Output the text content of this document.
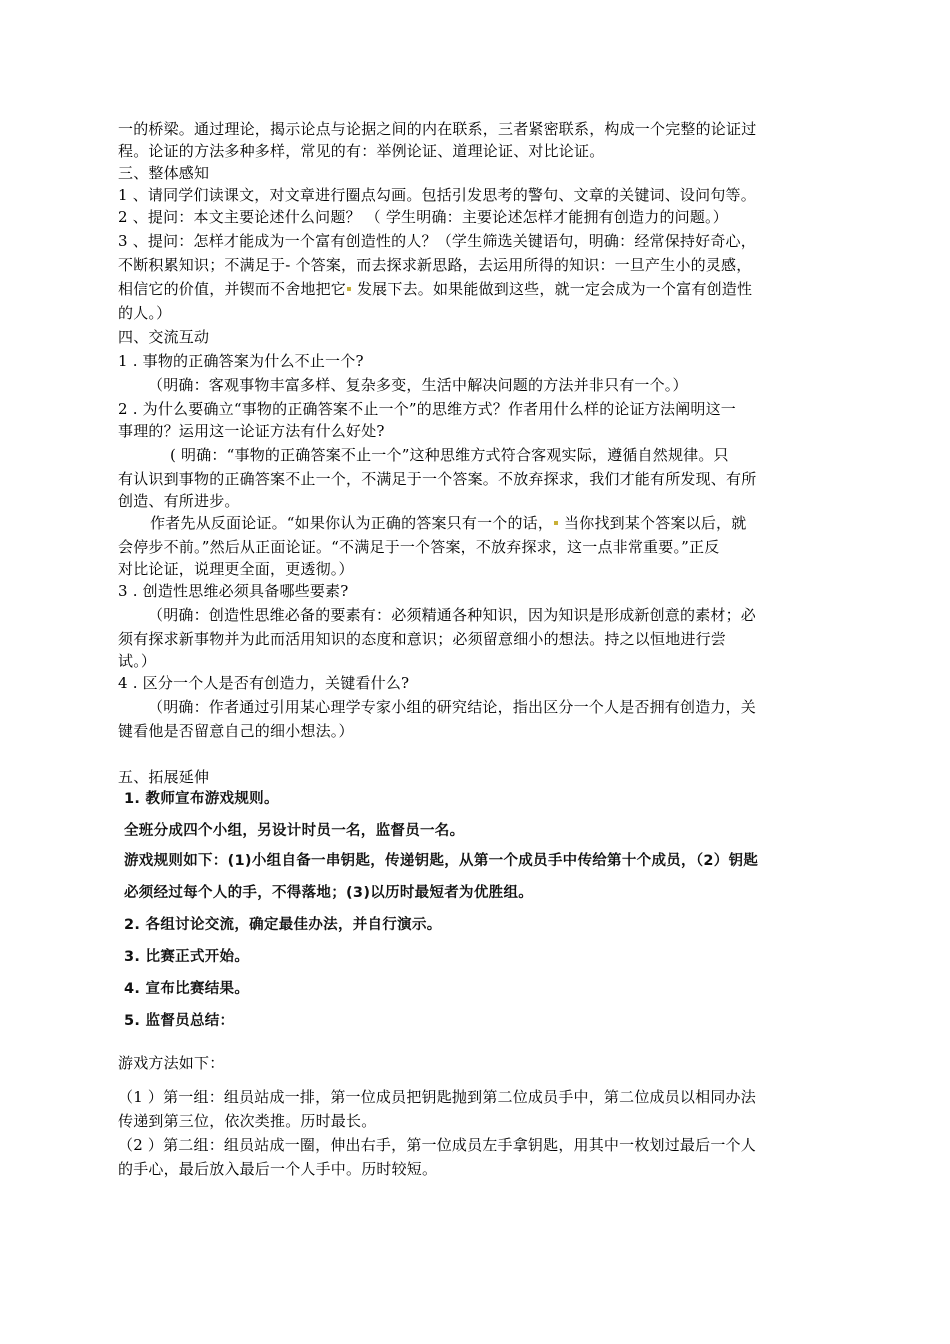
一的桥梁。通过理论，揭示论点与论据之间的内在联系，三者紧密联系，构成一个完整的论证过
程。论证的方法多种多样，常见的有：举例论证、道理论证、对比论证。
三、整体感知
1 、请同学们读课文，对文章进行圈点勾画。包括引发思考的警句、文章的关键词、设问句等。
2 、提问：本文主要论述什么问题？ （ 学生明确：主要论述怎样才能拥有创造力的问题。）
3 、提问：怎样才能成为一个富有创造性的人？（学生筛选关键语句，明确：经常保持好奇心，
不断积累知识；不满足于- 个答案，而去探求新思路，去运用所得的知识：一旦产生小的灵感，
相信它的价值，并锲而不舍地把它 发展下去。如果能做到这些，就一定会成为一个富有创造性
的人。）
四、交流互动
1 . 事物的正确答案为什么不止一个?
（明确：客观事物丰富多样、复杂多变，生活中解决问题的方法并非只有一个。）
2 . 为什么要确立“事物的正确答案不止一个”的思维方式？作者用什么样的论证方法阐明这一
事理的？运用这一论证方法有什么好处?
( 明确：“事物的正确答案不止一个”这种思维方式符合客观实际，遵循自然规律。只
有认识到事物的正确答案不止一个，不满足于一个答案。不放弃探求，我们才能有所发现、有所
创造、有所进步。
作者先从反面论证。“如果你认为正确的答案只有一个的话， 当你找到某个答案以后，就
会停步不前。”然后从正面论证。“不满足于一个答案，不放弃探求，这一点非常重要。”正反
对比论证，说理更全面，更透彻。）
3 . 创造性思维必须具备哪些要素?
（明确：创造性思维必备的要素有：必须精通各种知识，因为知识是形成新创意的素材；必
须有探求新事物并为此而活用知识的态度和意识；必须留意细小的想法。持之以恒地进行尝
试。）
4 . 区分一个人是否有创造力，关键看什么?
（明确：作者通过引用某心理学专家小组的研究结论，指出区分一个人是否拥有创造力，关
键看他是否留意自己的细小想法。）
五、拓展延伸
1. 教师宣布游戏规则。
全班分成四个小组，另设计时员一名，监督员一名。
游戏规则如下：(1)小组自备一串钥匙，传递钥匙，从第一个成员手中传给第十个成员，（2）钥匙
必须经过每个人的手，不得落地；(3)以历时最短者为优胜组。
2. 各组讨论交流，确定最佳办法，并自行演示。
3. 比赛正式开始。
4. 宣布比赛结果。
5. 监督员总结：
游戏方法如下：
（1 ）第一组：组员站成一排，第一位成员把钥匙抛到第二位成员手中，第二位成员以相同办法
传递到第三位，依次类推。历时最长。
（2 ）第二组：组员站成一圈，伸出右手，第一位成员左手拿钥匙，用其中一枚划过最后一个人
的手心，最后放入最后一个人手中。历时较短。
